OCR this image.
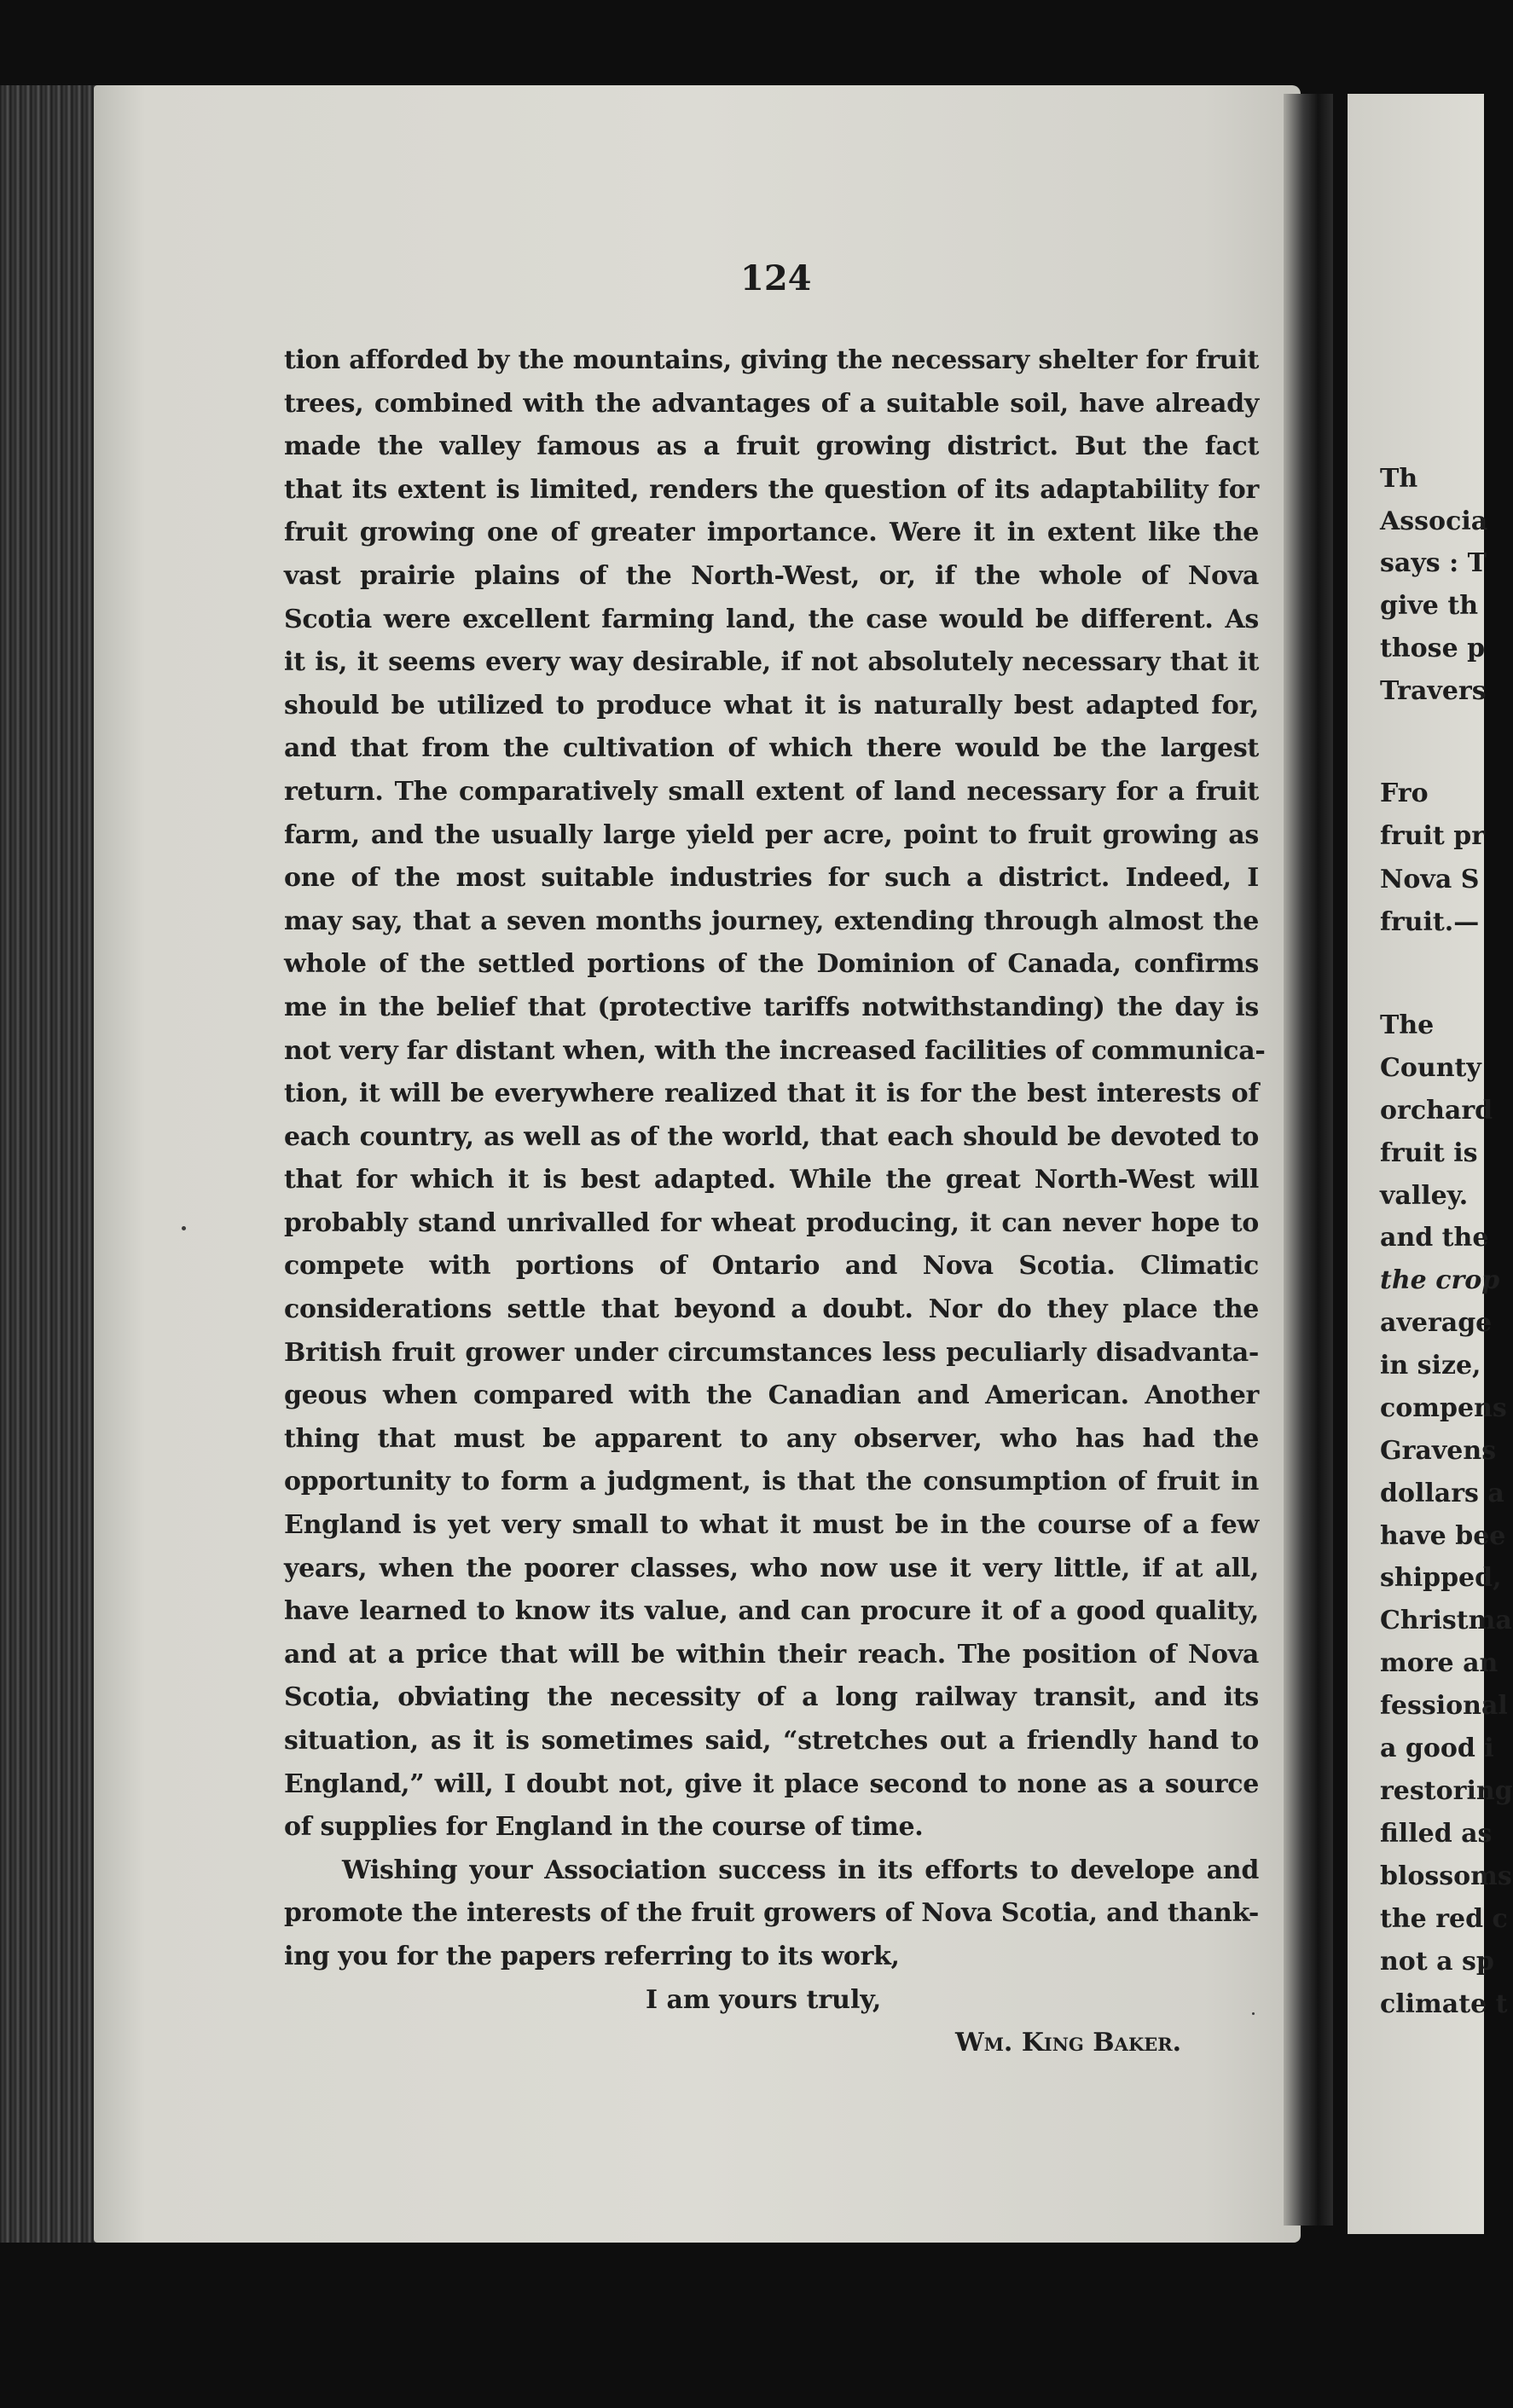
124
tion afforded by the mountains, giving the necessary shelter for fruit
trees, combined with the advantages of a suitable soil, have already
made the valley famous as a fruit growing district. But the fact
that its extent is limited, renders the question of its adaptability for
fruit growing one of greater importance. Were it in extent like the
vast prairie plains of the North-West, or, if the whole of Nova
Scotia were excellent farming land, the case would be different. As
it is, it seems every way desirable, if not absolutely necessary that it
should be utilized to produce what it is naturally best adapted for,
and that from the cultivation of which there would be the largest
return. The comparatively small extent of land necessary for a fruit
farm, and the usually large yield per acre, point to fruit growing as
one of the most suitable industries for such a district. Indeed, I
may say, that a seven months journey, extending through almost the
whole of the settled portions of the Dominion of Canada, confirms
me in the belief that (protective tariffs notwithstanding) the day is
not very far distant when, with the increased facilities of communica-
tion, it will be everywhere realized that it is for the best interests of
each country, as well as of the world, that each should be devoted to
that for which it is best adapted. While the great North-West will
probably stand unrivalled for wheat producing, it can never hope to
compete with portions of Ontario and Nova Scotia. Climatic
considerations settle that beyond a doubt. Nor do they place the
British fruit grower under circumstances less peculiarly disadvanta-
geous when compared with the Canadian and American. Another
thing that must be apparent to any observer, who has had the
opportunity to form a judgment, is that the consumption of fruit in
England is yet very small to what it must be in the course of a few
years, when the poorer classes, who now use it very little, if at all,
have learned to know its value, and can procure it of a good quality,
and at a price that will be within their reach. The position of Nova
Scotia, obviating the necessity of a long railway transit, and its
situation, as it is sometimes said, “stretches out a friendly hand to
England,” will, I doubt not, give it place second to none as a source
of supplies for England in the course of time.
Wishing your Association success in its efforts to develope and
promote the interests of the fruit growers of Nova Scotia, and thank-
ing you for the papers referring to its work,
I am yours truly,
Wm. King Baker.
Th
Associa
says : T
give th
those p
Travers
Fro
fruit pr
Nova S
fruit.—
The
County
orchard
fruit is
valley.
and the
the crop
average
in size,
compens
Gravens
dollars a
have bee
shipped,
Christma
more an
fessional
a good i
restoring
filled as
blossoms
the red c
not a sp
climate t
